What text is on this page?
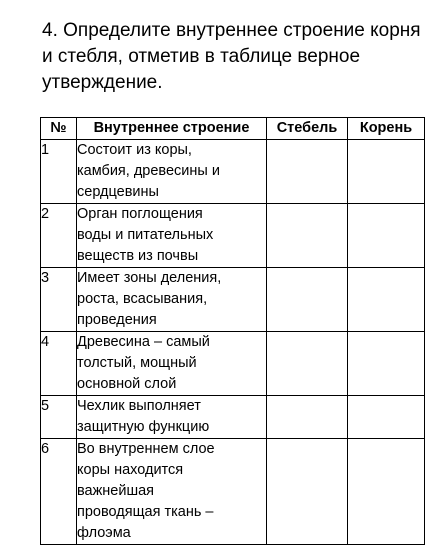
4. Определите внутреннее строение корня
и стебля, отметив в таблице верное
утверждение.
№	Внутреннее строение	Стебель	Корень
1	Состоит из коры,
камбия, древесины и
сердцевины		

2	Орган поглощения
воды и питательных
веществ из почвы		

3	Имеет зоны деления,
роста, всасывания,
проведения		

4	Древесина – самый
толстый, мощный
основной слой		

5	Чехлик выполняет
защитную функцию		

6	Во внутреннем слое
коры находится
важнейшая
проводящая ткань –
флоэма		
